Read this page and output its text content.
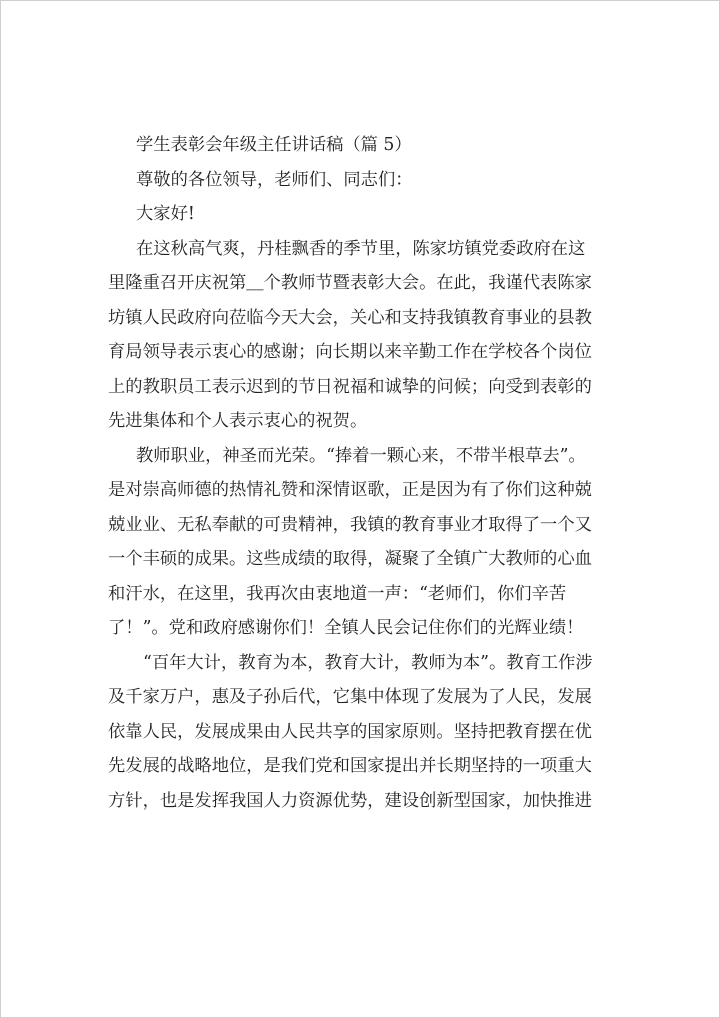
学生表彰会年级主任讲话稿（篇 5）
尊敬的各位领导，老师们、同志们：
大家好!
在这秋高气爽，丹桂飘香的季节里，陈家坊镇党委政府在这
里隆重召开庆祝第＿个教师节暨表彰大会。在此，我谨代表陈家
坊镇人民政府向莅临今天大会，关心和支持我镇教育事业的县教
育局领导表示衷心的感谢；向长期以来辛勤工作在学校各个岗位
上的教职员工表示迟到的节日祝福和诚挚的问候；向受到表彰的
先进集体和个人表示衷心的祝贺。
教师职业，神圣而光荣。“捧着一颗心来，不带半根草去”。
是对崇高师德的热情礼赞和深情讴歌，正是因为有了你们这种兢
兢业业、无私奉献的可贵精神，我镇的教育事业才取得了一个又
一个丰硕的成果。这些成绩的取得，凝聚了全镇广大教师的心血
和汗水，在这里，我再次由衷地道一声：“老师们，你们辛苦
了！”。党和政府感谢你们！全镇人民会记住你们的光辉业绩！
“百年大计，教育为本，教育大计，教师为本”。教育工作涉
及千家万户，惠及子孙后代，它集中体现了发展为了人民，发展
依靠人民，发展成果由人民共享的国家原则。坚持把教育摆在优
先发展的战略地位，是我们党和国家提出并长期坚持的一项重大
方针，也是发挥我国人力资源优势，建设创新型国家，加快推进
